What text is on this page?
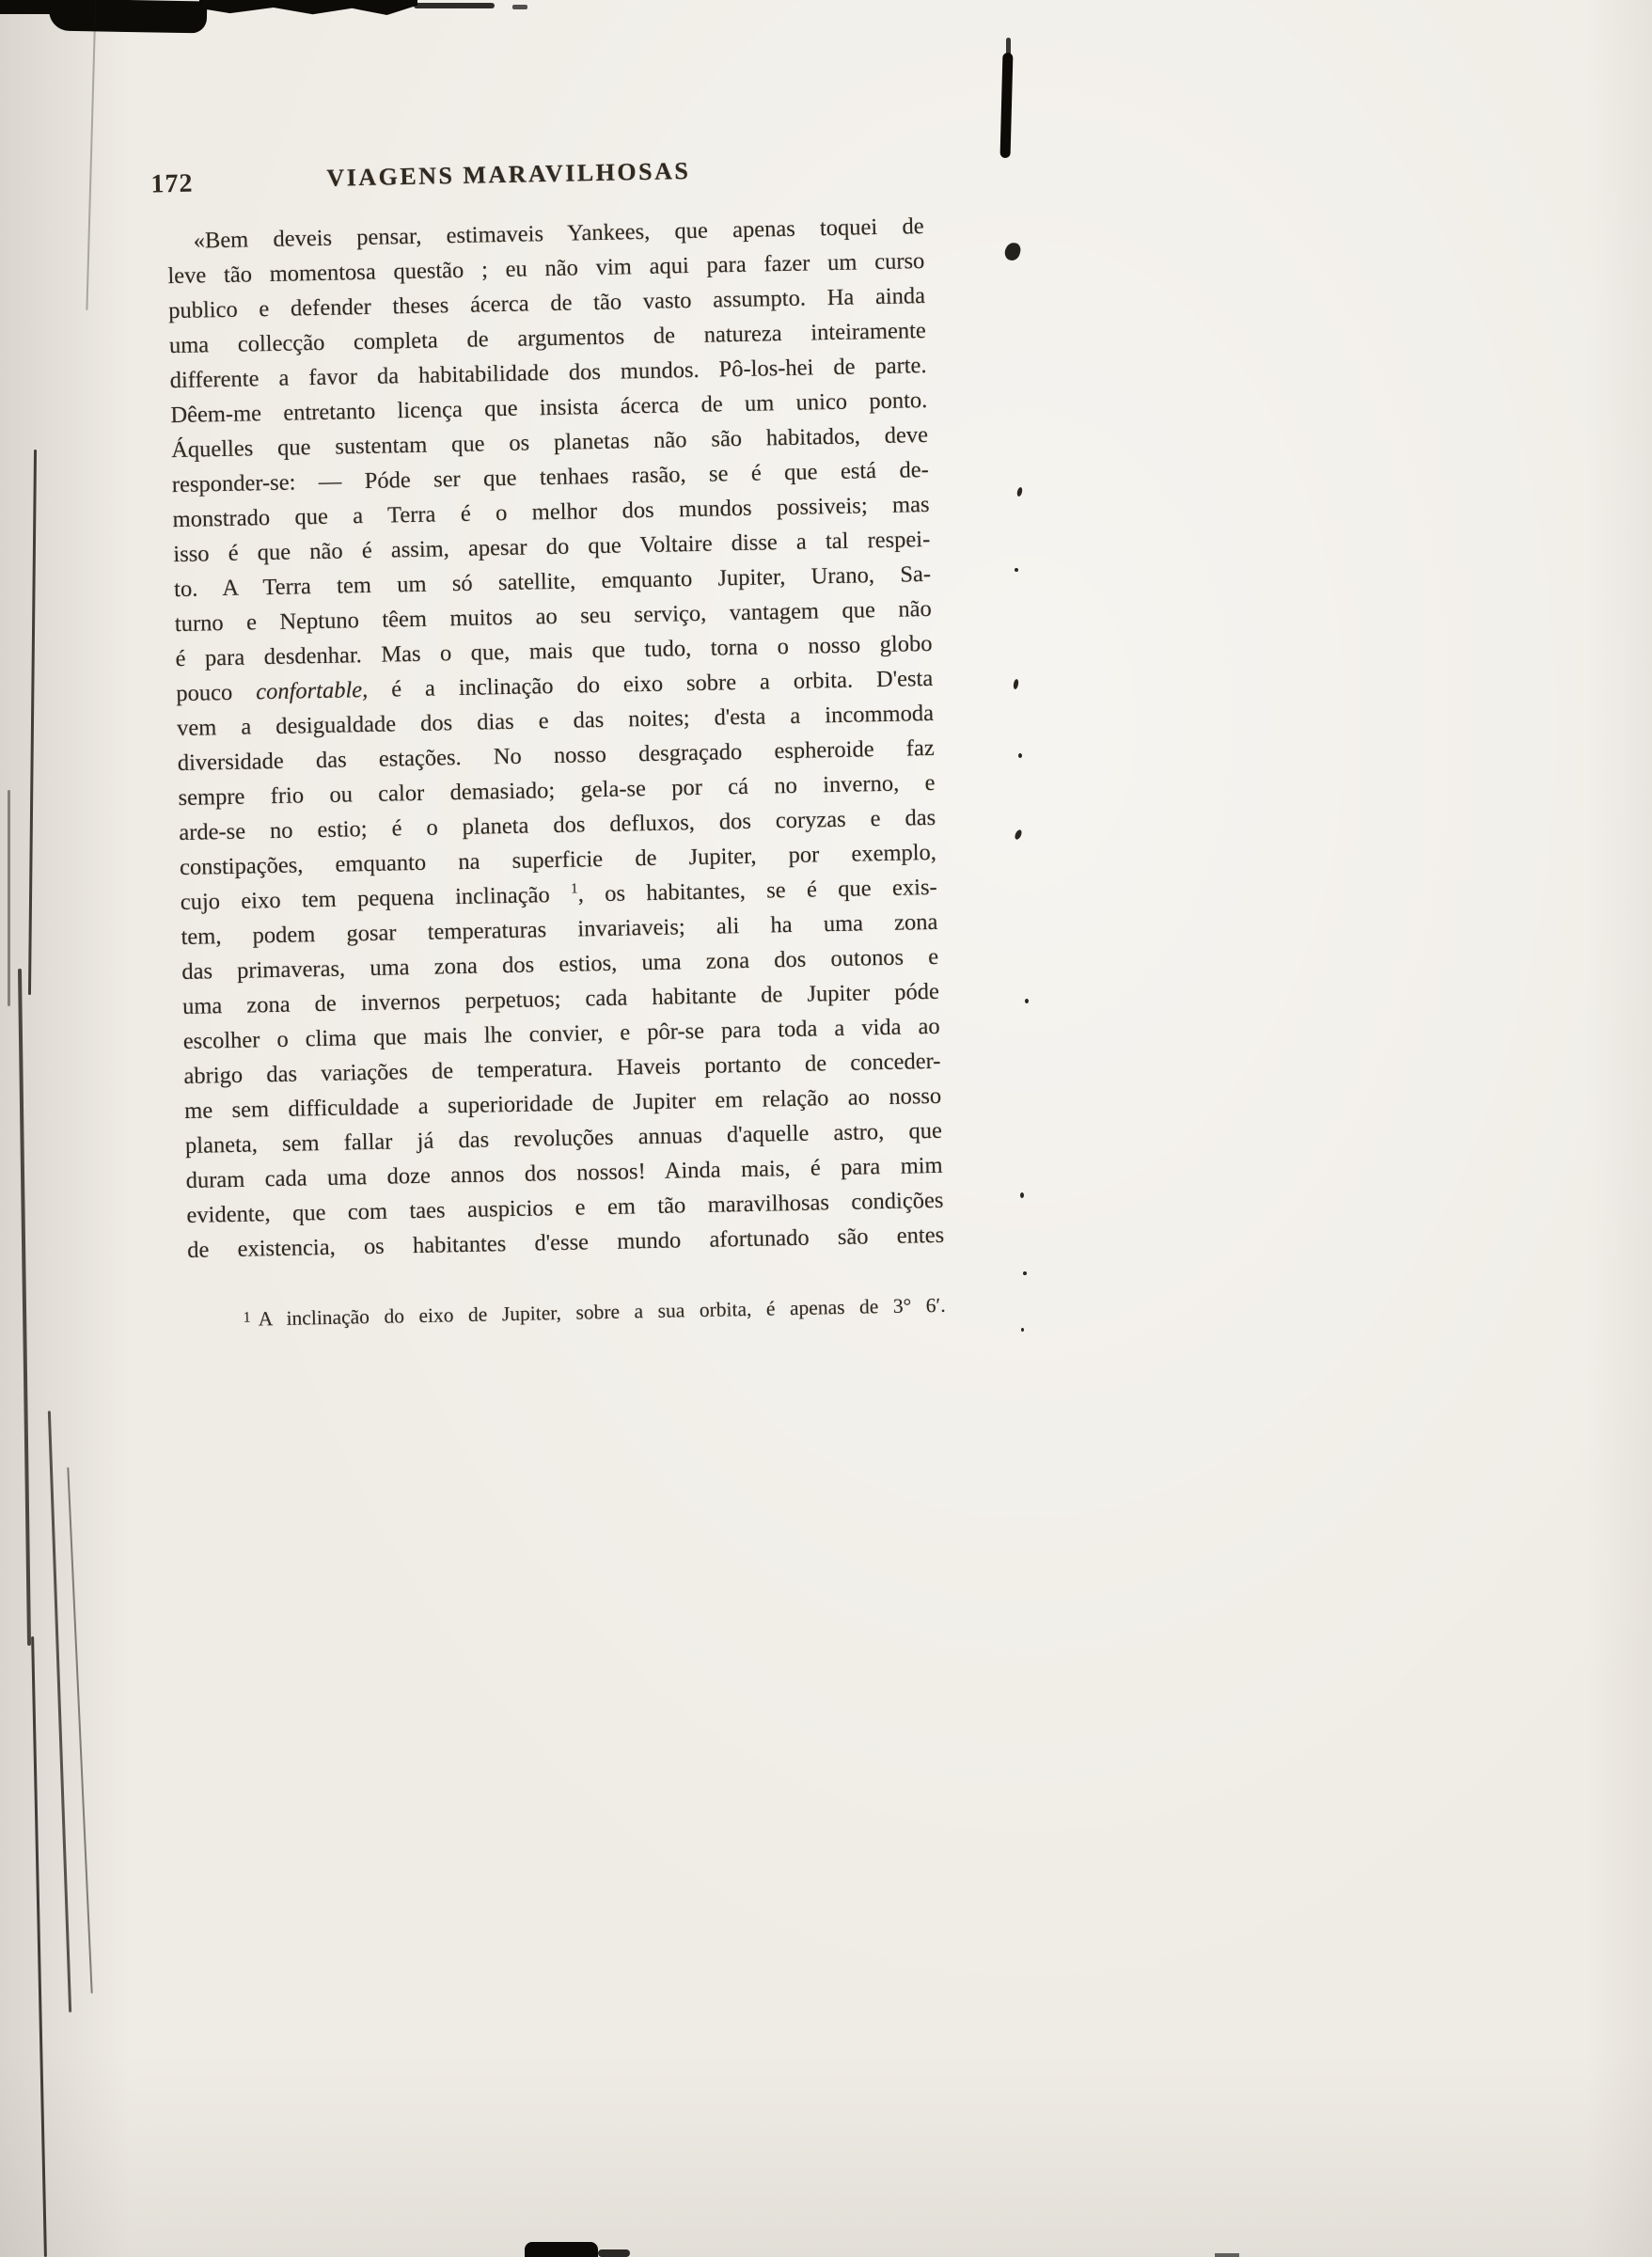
172	VIAGENS MARAVILHOSAS
«Bem deveis pensar, estimaveis Yankees, que apenas toquei de
leve tão momentosa questão ; eu não vim aqui para fazer um curso
publico e defender theses ácerca de tão vasto assumpto. Ha ainda
uma collecção completa de argumentos de natureza inteiramente
differente a favor da habitabilidade dos mundos. Pô-los-hei de parte.
Dêem-me entretanto licença que insista ácerca de um unico ponto.
Áquelles que sustentam que os planetas não são habitados, deve
responder-se: — Póde ser que tenhaes rasão, se é que está de-
monstrado que a Terra é o melhor dos mundos possiveis; mas
isso é que não é assim, apesar do que Voltaire disse a tal respei-
to. A Terra tem um só satellite, emquanto Jupiter, Urano, Sa-
turno e Neptuno têem muitos ao seu serviço, vantagem que não
é para desdenhar. Mas o que, mais que tudo, torna o nosso globo
pouco confortable, é a inclinação do eixo sobre a orbita. D'esta
vem a desigualdade dos dias e das noites; d'esta a incommoda
diversidade das estações. No nosso desgraçado espheroide faz
sempre frio ou calor demasiado; gela-se por cá no inverno, e
arde-se no estio; é o planeta dos defluxos, dos coryzas e das
constipações, emquanto na superficie de Jupiter, por exemplo,
cujo eixo tem pequena inclinação $^1$, os habitantes, se é que exis-
tem, podem gosar temperaturas invariaveis; ali ha uma zona
das primaveras, uma zona dos estios, uma zona dos outonos e
uma zona de invernos perpetuos; cada habitante de Jupiter póde
escolher o clima que mais lhe convier, e pôr-se para toda a vida ao
abrigo das variações de temperatura. Haveis portanto de conceder-
me sem difficuldade a superioridade de Jupiter em relação ao nosso
planeta, sem fallar já das revoluções annuas d'aquelle astro, que
duram cada uma doze annos dos nossos! Ainda mais, é para mim
evidente, que com taes auspicios e em tão maravilhosas condições
de existencia, os habitantes d'esse mundo afortunado são entes
1 A inclinação do eixo de Jupiter, sobre a sua orbita, é apenas de 3° 6′.
